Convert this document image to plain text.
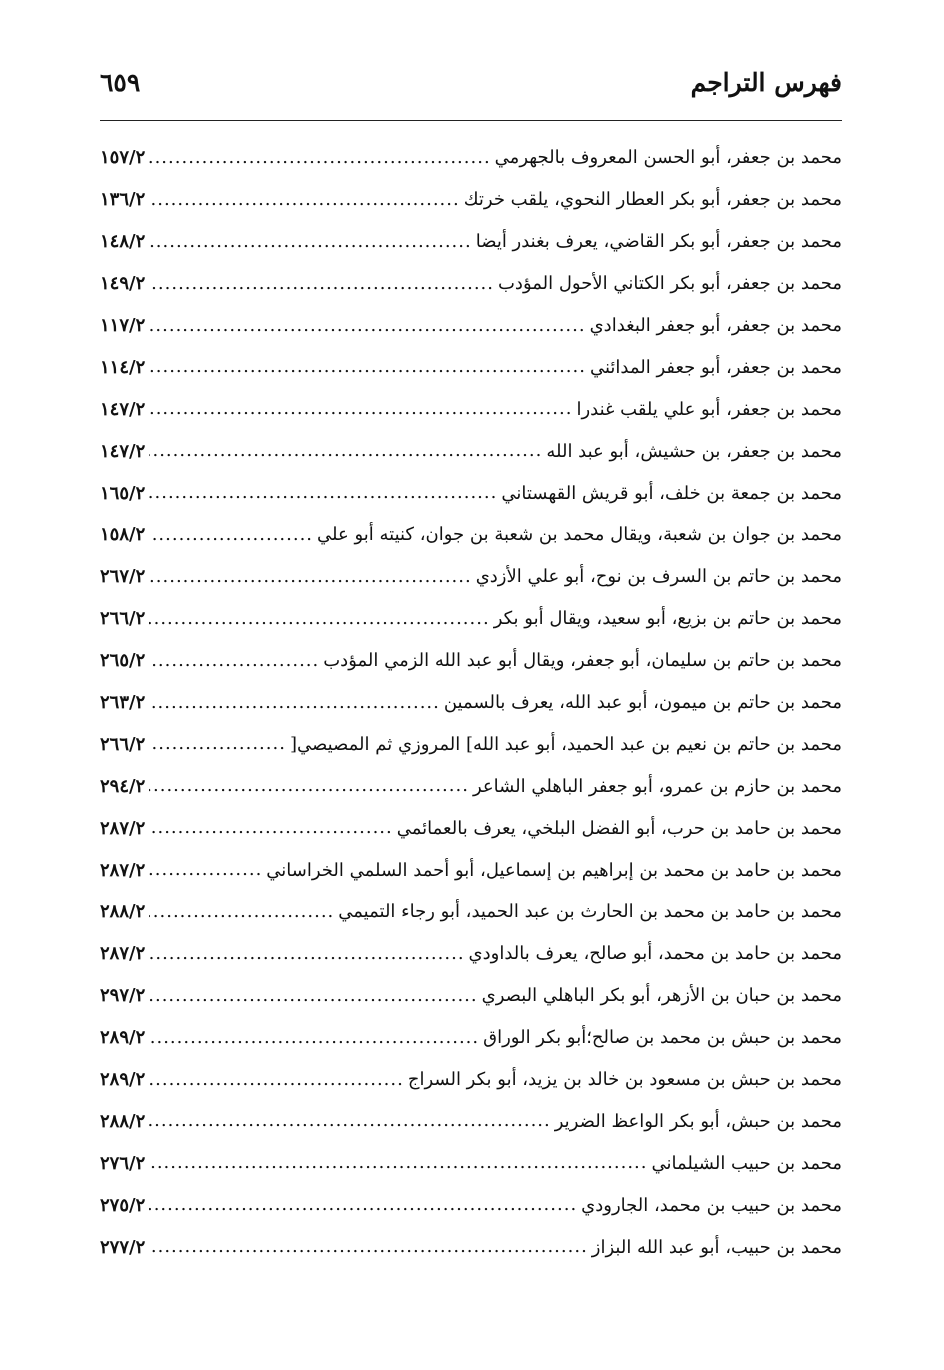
فهرس التراجم
٦٥٩
محمد بن جعفر، أبو الحسن المعروف بالجهرمي
.....
١٥٧/٢
محمد بن جعفر، أبو بكر العطار النحوي، يلقب خرتك
.....
١٣٦/٢
محمد بن جعفر، أبو بكر القاضي، يعرف بغندر أيضا
.....
١٤٨/٢
محمد بن جعفر، أبو بكر الكتاني الأحول المؤدب
.....
١٤٩/٢
محمد بن جعفر، أبو جعفر البغدادي
.....
١١٧/٢
محمد بن جعفر، أبو جعفر المدائني
.....
١١٤/٢
محمد بن جعفر، أبو علي يلقب غندرا
.....
١٤٧/٢
محمد بن جعفر، بن حشيش، أبو عبد الله
.....
١٤٧/٢
محمد بن جمعة بن خلف، أبو قريش القهستاني
.....
١٦٥/٢
محمد بن جوان بن شعبة، ويقال محمد بن شعبة بن جوان، كنيته أبو علي
.....
١٥٨/٢
محمد بن حاتم بن السرف بن نوح، أبو علي الأزدي
.....
٢٦٧/٢
محمد بن حاتم بن بزيع، أبو سعيد، ويقال أبو بكر
.....
٢٦٦/٢
محمد بن حاتم بن سليمان، أبو جعفر، ويقال أبو عبد الله الزمي المؤدب
.....
٢٦٥/٢
محمد بن حاتم بن ميمون، أبو عبد الله، يعرف بالسمين
.....
٢٦٣/٢
محمد بن حاتم بن نعيم بن عبد الحميد، أبو عبد الله] المروزي ثم المصيصي[
.....
٢٦٦/٢
محمد بن حازم بن عمرو، أبو جعفر الباهلي الشاعر
.....
٢٩٤/٢
محمد بن حامد بن حرب، أبو الفضل البلخي، يعرف بالعمائمي
.....
٢٨٧/٢
محمد بن حامد بن محمد بن إبراهيم بن إسماعيل، أبو أحمد السلمي الخراساني
.....
٢٨٧/٢
محمد بن حامد بن محمد بن الحارث بن عبد الحميد، أبو رجاء التميمي
.....
٢٨٨/٢
محمد بن حامد بن محمد، أبو صالح، يعرف بالداودي
.....
٢٨٧/٢
محمد بن حبان بن الأزهر، أبو بكر الباهلي البصري
.....
٢٩٧/٢
محمد بن حبش بن محمد بن صالح؛أبو بكر الوراق
.....
٢٨٩/٢
محمد بن حبش بن مسعود بن خالد بن يزيد، أبو بكر السراج
.....
٢٨٩/٢
محمد بن حبش، أبو بكر الواعظ الضرير
.....
٢٨٨/٢
محمد بن حبيب الشيلماني
.....
٢٧٦/٢
محمد بن حبيب بن محمد، الجارودي
.....
٢٧٥/٢
محمد بن حبيب، أبو عبد الله البزاز
.....
٢٧٧/٢
